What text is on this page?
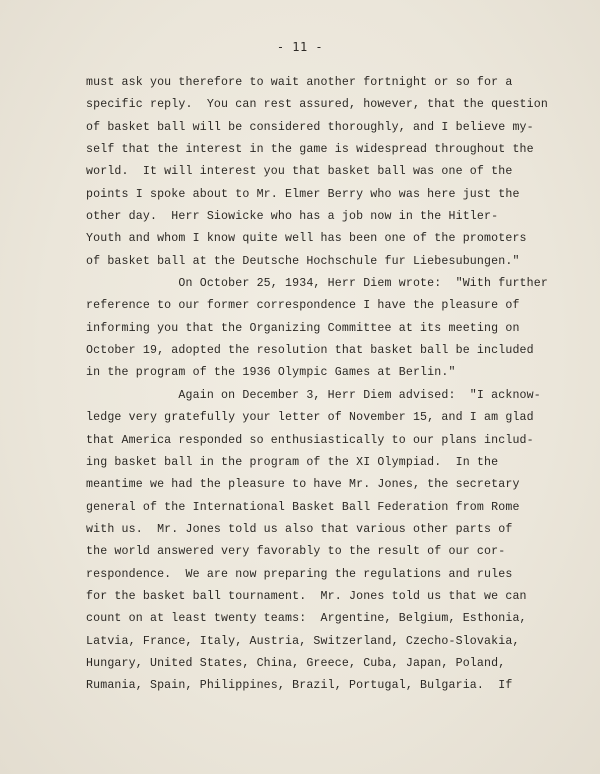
- 11 -
must ask you therefore to wait another fortnight or so for a
specific reply.  You can rest assured, however, that the question
of basket ball will be considered thoroughly, and I believe my-
self that the interest in the game is widespread throughout the
world.  It will interest you that basket ball was one of the
points I spoke about to Mr. Elmer Berry who was here just the
other day.  Herr Siowicke who has a job now in the Hitler-
Youth and whom I know quite well has been one of the promoters
of basket ball at the Deutsche Hochschule fur Liebesubungen."
On October 25, 1934, Herr Diem wrote:  "With further
reference to our former correspondence I have the pleasure of
informing you that the Organizing Committee at its meeting on
October 19, adopted the resolution that basket ball be included
in the program of the 1936 Olympic Games at Berlin."
Again on December 3, Herr Diem advised:  "I acknow-
ledge very gratefully your letter of November 15, and I am glad
that America responded so enthusiastically to our plans includ-
ing basket ball in the program of the XI Olympiad.  In the
meantime we had the pleasure to have Mr. Jones, the secretary
general of the International Basket Ball Federation from Rome
with us.  Mr. Jones told us also that various other parts of
the world answered very favorably to the result of our cor-
respondence.  We are now preparing the regulations and rules
for the basket ball tournament.  Mr. Jones told us that we can
count on at least twenty teams:  Argentine, Belgium, Esthonia,
Latvia, France, Italy, Austria, Switzerland, Czecho-Slovakia,
Hungary, United States, China, Greece, Cuba, Japan, Poland,
Rumania, Spain, Philippines, Brazil, Portugal, Bulgaria.  If
